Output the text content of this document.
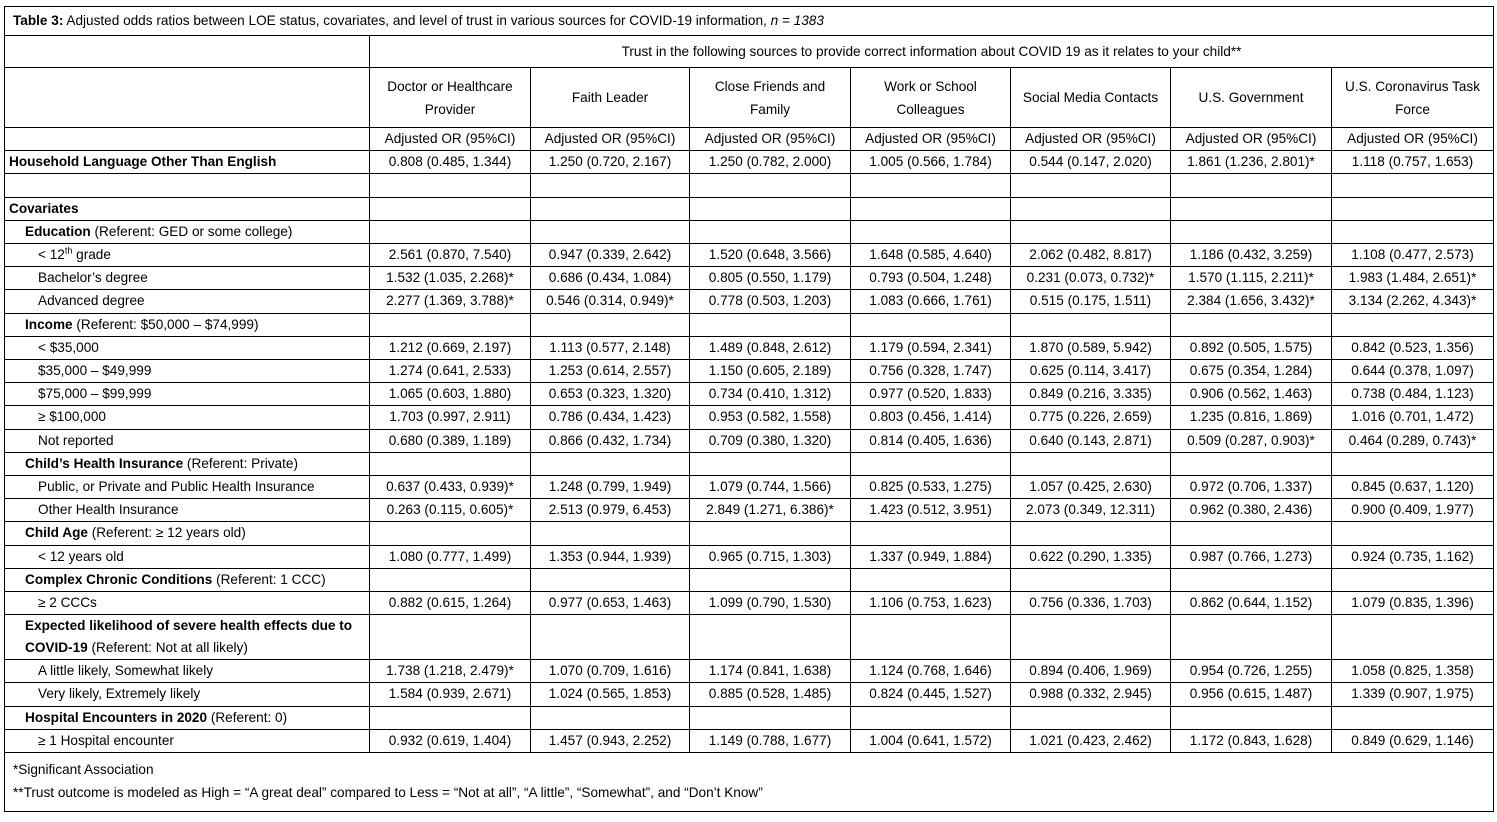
Table 3: Adjusted odds ratios between LOE status, covariates, and level of trust in various sources for COVID-19 information, n = 1383							
	Trust in the following sources to provide correct information about COVID 19 as it relates to your child**						
	Doctor or Healthcare Provider	Faith Leader	Close Friends and Family	Work or School Colleagues	Social Media Contacts	U.S. Government	U.S. Coronavirus Task Force
	Adjusted OR (95%CI)	Adjusted OR (95%CI)	Adjusted OR (95%CI)	Adjusted OR (95%CI)	Adjusted OR (95%CI)	Adjusted OR (95%CI)	Adjusted OR (95%CI)
Household Language Other Than English	0.808 (0.485, 1.344)	1.250 (0.720, 2.167)	1.250 (0.782, 2.000)	1.005 (0.566, 1.784)	0.544 (0.147, 2.020)	1.861 (1.236, 2.801)*	1.118 (0.757, 1.653)

Covariates							
Education (Referent: GED or some college)							
< 12th grade	2.561 (0.870, 7.540)	0.947 (0.339, 2.642)	1.520 (0.648, 3.566)	1.648 (0.585, 4.640)	2.062 (0.482, 8.817)	1.186 (0.432, 3.259)	1.108 (0.477, 2.573)
Bachelor’s degree	1.532 (1.035, 2.268)*	0.686 (0.434, 1.084)	0.805 (0.550, 1.179)	0.793 (0.504, 1.248)	0.231 (0.073, 0.732)*	1.570 (1.115, 2.211)*	1.983 (1.484, 2.651)*
Advanced degree	2.277 (1.369, 3.788)*	0.546 (0.314, 0.949)*	0.778 (0.503, 1.203)	1.083 (0.666, 1.761)	0.515 (0.175, 1.511)	2.384 (1.656, 3.432)*	3.134 (2.262, 4.343)*
Income (Referent: $50,000 – $74,999)							
< $35,000	1.212 (0.669, 2.197)	1.113 (0.577, 2.148)	1.489 (0.848, 2.612)	1.179 (0.594, 2.341)	1.870 (0.589, 5.942)	0.892 (0.505, 1.575)	0.842 (0.523, 1.356)
$35,000 – $49,999	1.274 (0.641, 2.533)	1.253 (0.614, 2.557)	1.150 (0.605, 2.189)	0.756 (0.328, 1.747)	0.625 (0.114, 3.417)	0.675 (0.354, 1.284)	0.644 (0.378, 1.097)
$75,000 – $99,999	1.065 (0.603, 1.880)	0.653 (0.323, 1.320)	0.734 (0.410, 1.312)	0.977 (0.520, 1.833)	0.849 (0.216, 3.335)	0.906 (0.562, 1.463)	0.738 (0.484, 1.123)
≥ $100,000	1.703 (0.997, 2.911)	0.786 (0.434, 1.423)	0.953 (0.582, 1.558)	0.803 (0.456, 1.414)	0.775 (0.226, 2.659)	1.235 (0.816, 1.869)	1.016 (0.701, 1.472)
Not reported	0.680 (0.389, 1.189)	0.866 (0.432, 1.734)	0.709 (0.380, 1.320)	0.814 (0.405, 1.636)	0.640 (0.143, 2.871)	0.509 (0.287, 0.903)*	0.464 (0.289, 0.743)*
Child’s Health Insurance (Referent: Private)							
Public, or Private and Public Health Insurance	0.637 (0.433, 0.939)*	1.248 (0.799, 1.949)	1.079 (0.744, 1.566)	0.825 (0.533, 1.275)	1.057 (0.425, 2.630)	0.972 (0.706, 1.337)	0.845 (0.637, 1.120)
Other Health Insurance	0.263 (0.115, 0.605)*	2.513 (0.979, 6.453)	2.849 (1.271, 6.386)*	1.423 (0.512, 3.951)	2.073 (0.349, 12.311)	0.962 (0.380, 2.436)	0.900 (0.409, 1.977)
Child Age (Referent: ≥ 12 years old)							
< 12 years old	1.080 (0.777, 1.499)	1.353 (0.944, 1.939)	0.965 (0.715, 1.303)	1.337 (0.949, 1.884)	0.622 (0.290, 1.335)	0.987 (0.766, 1.273)	0.924 (0.735, 1.162)
Complex Chronic Conditions (Referent: 1 CCC)							
≥ 2 CCCs	0.882 (0.615, 1.264)	0.977 (0.653, 1.463)	1.099 (0.790, 1.530)	1.106 (0.753, 1.623)	0.756 (0.336, 1.703)	0.862 (0.644, 1.152)	1.079 (0.835, 1.396)
Expected likelihood of severe health effects due to COVID-19 (Referent: Not at all likely)							
A little likely, Somewhat likely	1.738 (1.218, 2.479)*	1.070 (0.709, 1.616)	1.174 (0.841, 1.638)	1.124 (0.768, 1.646)	0.894 (0.406, 1.969)	0.954 (0.726, 1.255)	1.058 (0.825, 1.358)
Very likely, Extremely likely	1.584 (0.939, 2.671)	1.024 (0.565, 1.853)	0.885 (0.528, 1.485)	0.824 (0.445, 1.527)	0.988 (0.332, 2.945)	0.956 (0.615, 1.487)	1.339 (0.907, 1.975)
Hospital Encounters in 2020 (Referent: 0)							
≥ 1 Hospital encounter	0.932 (0.619, 1.404)	1.457 (0.943, 2.252)	1.149 (0.788, 1.677)	1.004 (0.641, 1.572)	1.021 (0.423, 2.462)	1.172 (0.843, 1.628)	0.849 (0.629, 1.146)

*Significant Association
**Trust outcome is modeled as High = “A great deal” compared to Less = “Not at all”, “A little”, “Somewhat”, and “Don’t Know”							
